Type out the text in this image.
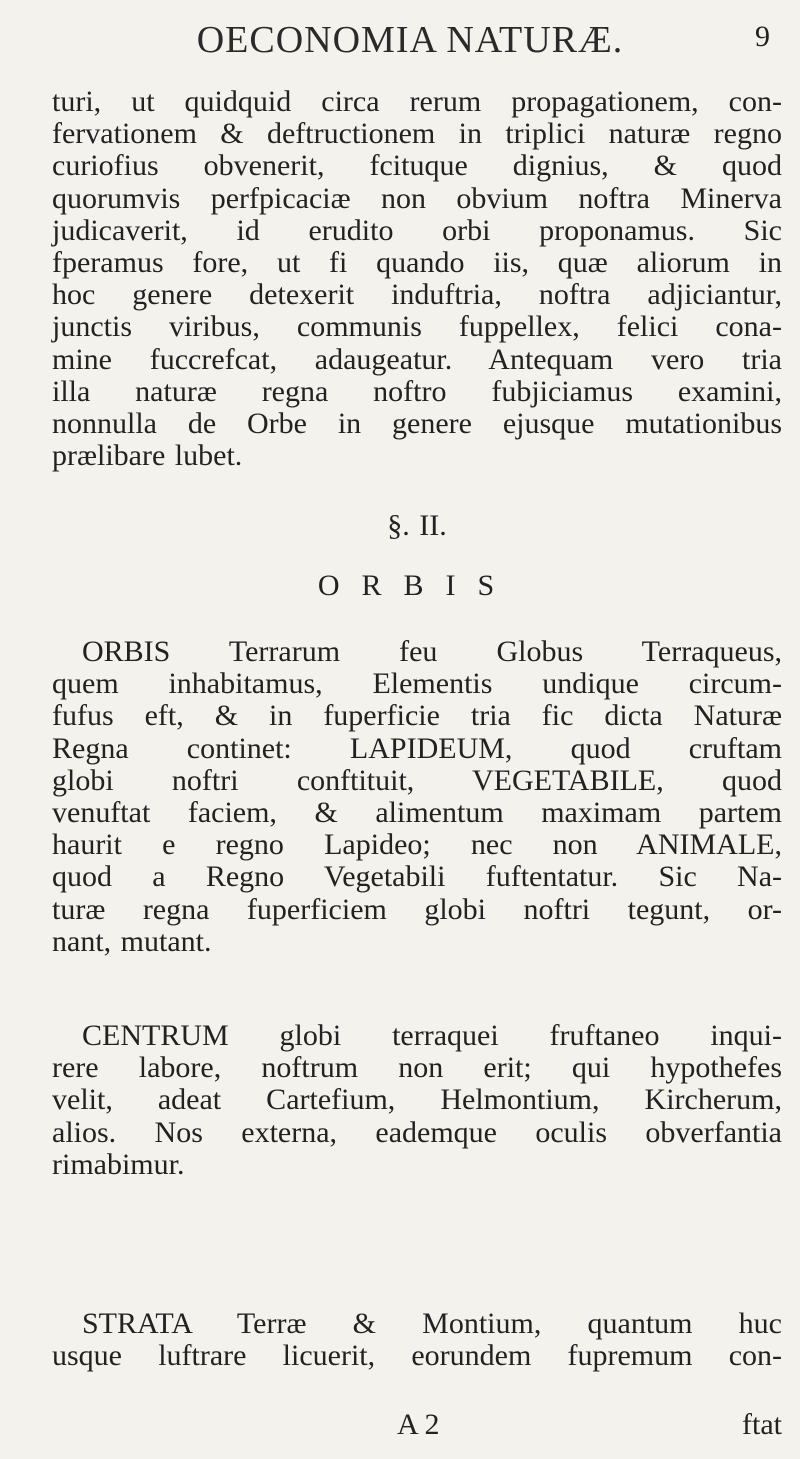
OECONOMIA NATURÆ.	9
turi, ut quidquid circa rerum propagationem, con-
fervationem & deftructionem in triplici naturæ regno
curiofius obvenerit, fcituque dignius, & quod
quorumvis perfpicaciæ non obvium noftra Minerva
judicaverit, id erudito orbi proponamus. Sic
fperamus fore, ut fi quando iis, quæ aliorum in
hoc genere detexerit induftria, noftra adjiciantur,
junctis viribus, communis fuppellex, felici cona-
mine fuccrefcat, adaugeatur. Antequam vero tria
illa naturæ regna noftro fubjiciamus examini,
nonnulla de Orbe in genere ejusque mutationibus
prælibare lubet.
§. II.
ORBIS
ORBIS Terrarum feu Globus Terraqueus,
quem inhabitamus, Elementis undique circum-
fufus eft, & in fuperficie tria fic dicta Naturæ
Regna continet: LAPIDEUM, quod cruftam
globi noftri conftituit, VEGETABILE, quod
venuftat faciem, & alimentum maximam partem
haurit e regno Lapideo; nec non ANIMALE,
quod a Regno Vegetabili fuftentatur. Sic Na-
turæ regna fuperficiem globi noftri tegunt, or-
nant, mutant.
CENTRUM globi terraquei fruftaneo inqui-
rere labore, noftrum non erit; qui hypothefes
velit, adeat Cartefium, Helmontium, Kircherum,
alios. Nos externa, eademque oculis obverfantia
rimabimur.
STRATA Terræ & Montium, quantum huc
usque luftrare licuerit, eorundem fupremum con-
A 2	ftat
